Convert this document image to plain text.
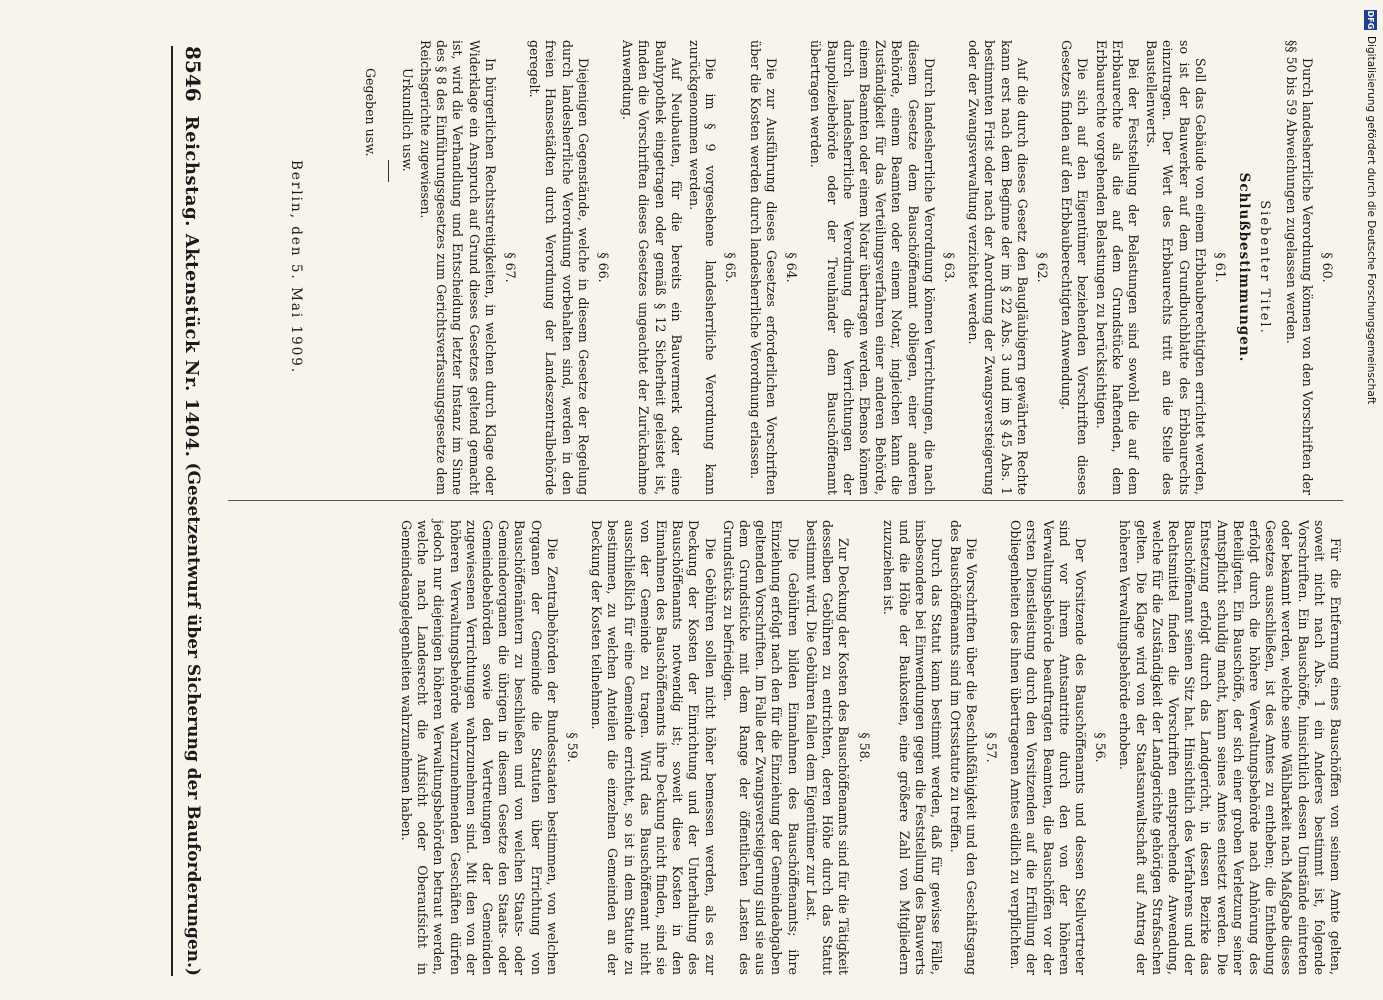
DFG
Digitalisierung gefördert durch die Deutsche Forschungsgemeinschaft
8546
Reichstag. Aktenstück Nr. 1404.
(Gesetzentwurf über Sicherung der Bauforderungen.)	Für die Entfernung eines Bauschöffen von seinem Amte gelten, soweit nicht nach Abs. 1 ein Anderes bestimmt ist, folgende Vorschriften. Ein Bauschöffe, hinsichtlich dessen Umstände eintreten oder bekannt werden, welche seine Wählbarkeit nach Maßgabe dieses Gesetzes ausschließen, ist des Amtes zu entheben; die Enthebung erfolgt durch die höhere Verwaltungsbehörde nach Anhörung des Beteiligten. Ein Bauschöffe, der sich einer groben Verletzung seiner Amtspflicht schuldig macht, kann seines Amtes entsetzt werden. Die Entsetzung erfolgt durch das Landgericht, in dessen Bezirke das Bauschöffenamt seinen Sitz hat. Hinsichtlich des Verfahrens und der Rechtsmittel finden die Vorschriften entsprechende Anwendung, welche für die Zuständigkeit der Landgerichte gehörigen Strafsachen gelten. Die Klage wird von der Staatsanwaltschaft auf Antrag der höheren Verwaltungsbehörde erhoben.

§ 56.

Der Vorsitzende des Bauschöffenamts und dessen Stellvertreter sind vor ihrem Amtsantritte durch den von der höheren Verwaltungsbehörde beauftragten Beamten, die Bauschöffen vor der ersten Dienstleistung durch den Vorsitzenden auf die Erfüllung der Obliegenheiten des ihnen übertragenen Amtes eidlich zu verpflichten.

§ 57.

Die Vorschriften über die Beschlußfähigkeit und den Geschäftsgang des Bauschöffenamts sind im Ortsstatute zu treffen.

Durch das Statut kann bestimmt werden, daß für gewisse Fälle, insbesondere bei Einwendungen gegen die Feststellung des Bauwerts und die Höhe der Baukosten, eine größere Zahl von Mitgliedern zuzuziehen ist.

§ 58.

Zur Deckung der Kosten des Bauschöffenamts sind für die Tätigkeit desselben Gebühren zu entrichten, deren Höhe durch das Statut bestimmt wird. Die Gebühren fallen dem Eigentümer zur Last.

Die Gebühren bilden Einnahmen des Bauschöffenamts; ihre Einziehung erfolgt nach den für die Einziehung der Gemeindeabgaben geltenden Vorschriften. Im Falle der Zwangsversteigerung sind sie aus dem Grundstücke mit dem Range der öffentlichen Lasten des Grundstücks zu befriedigen.

Die Gebühren sollen nicht höher bemessen werden, als es zur Deckung der Kosten der Einrichtung und der Unterhaltung des Bauschöffenamts notwendig ist; soweit diese Kosten in den Einnahmen des Bauschöffenamts ihre Deckung nicht finden, sind sie von der Gemeinde zu tragen. Wird das Bauschöffenamt nicht ausschließlich für eine Gemeinde errichtet, so ist in dem Statute zu bestimmen, zu welchen Anteilen die einzelnen Gemeinden an der Deckung der Kosten teilnehmen.

§ 59.

Die Zentralbehörden der Bundesstaaten bestimmen, von welchen Organen der Gemeinde die Statuten über Errichtung von Bauschöffenämtern zu beschließen und von welchen Staats- oder Gemeindeorganen die übrigen in diesem Gesetze den Staats- oder Gemeindebehörden sowie den Vertretungen der Gemeinden zugewiesenen Verrichtungen wahrzunehmen sind. Mit den von der höheren Verwaltungsbehörde wahrzunehmenden Geschäften dürfen jedoch nur diejenigen höheren Verwaltungsbehörden betraut werden, welche nach Landesrecht die Aufsicht oder Oberaufsicht in Gemeindeangelegenheiten wahrzunehmen haben.

§ 60.

Durch landesherrliche Verordnung können von den Vorschriften der §§ 50 bis 59 Abweichungen zugelassen werden.

Siebenter Titel.
Schlußbestimmungen.
§ 61.

Soll das Gebäude von einem Erbbauberechtigten errichtet werden, so ist der Bauwerker auf dem Grundbuchblatte des Erbbaurechts einzutragen. Der Wert des Erbbaurechts tritt an die Stelle des Baustellenwerts.

Bei der Feststellung der Belastungen sind sowohl die auf dem Erbbaurechte als die auf dem Grundstücke haftenden, dem Erbbaurechte vorgehenden Belastungen zu berücksichtigen.

Die sich auf den Eigentümer beziehenden Vorschriften dieses Gesetzes finden auf den Erbbauberechtigten Anwendung.

§ 62.

Auf die durch dieses Gesetz den Baugläubigern gewährten Rechte kann erst nach dem Beginne der im § 22 Abs. 3 und im § 45 Abs. 1 bestimmten Frist oder nach der Anordnung der Zwangsversteigerung oder der Zwangsverwaltung verzichtet werden.

§ 63.

Durch landesherrliche Verordnung können Verrichtungen, die nach diesem Gesetze dem Bauschöffenamt obliegen, einer anderen Behörde, einem Beamten oder einem Notar, ingleichen kann die Zuständigkeit für das Verteilungsverfahren einer anderen Behörde, einem Beamten oder einem Notar übertragen werden. Ebenso können durch landesherrliche Verordnung die Verrichtungen der Baupolizeibehörde oder der Treuhänder dem Bauschöffenamt übertragen werden.

§ 64.

Die zur Ausführung dieses Gesetzes erforderlichen Vorschriften über die Kosten werden durch landesherrliche Verordnung erlassen.

§ 65.

Die im § 9 vorgesehene landesherrliche Verordnung kann zurückgenommen werden.

Auf Neubauten, für die bereits ein Bauvermerk oder eine Bauhypothek eingetragen oder gemäß § 12 Sicherheit geleistet ist, finden die Vorschriften dieses Gesetzes ungeachtet der Zurücknahme Anwendung.

§ 66.

Diejenigen Gegenstände, welche in diesem Gesetze der Regelung durch landesherrliche Verordnung vorbehalten sind, werden in den freien Hansestädten durch Verordnung der Landeszentralbehörde geregelt.

§ 67.

In bürgerlichen Rechtsstreitigkeiten, in welchen durch Klage oder Widerklage ein Anspruch auf Grund dieses Gesetzes geltend gemacht ist, wird die Verhandlung und Entscheidung letzter Instanz im Sinne des § 8 des Einführungsgesetzes zum Gerichtsverfassungsgesetze dem Reichsgerichte zugewiesen.

Urkundlich usw.
Gegeben usw.
Berlin, den 5. Mai 1909.
